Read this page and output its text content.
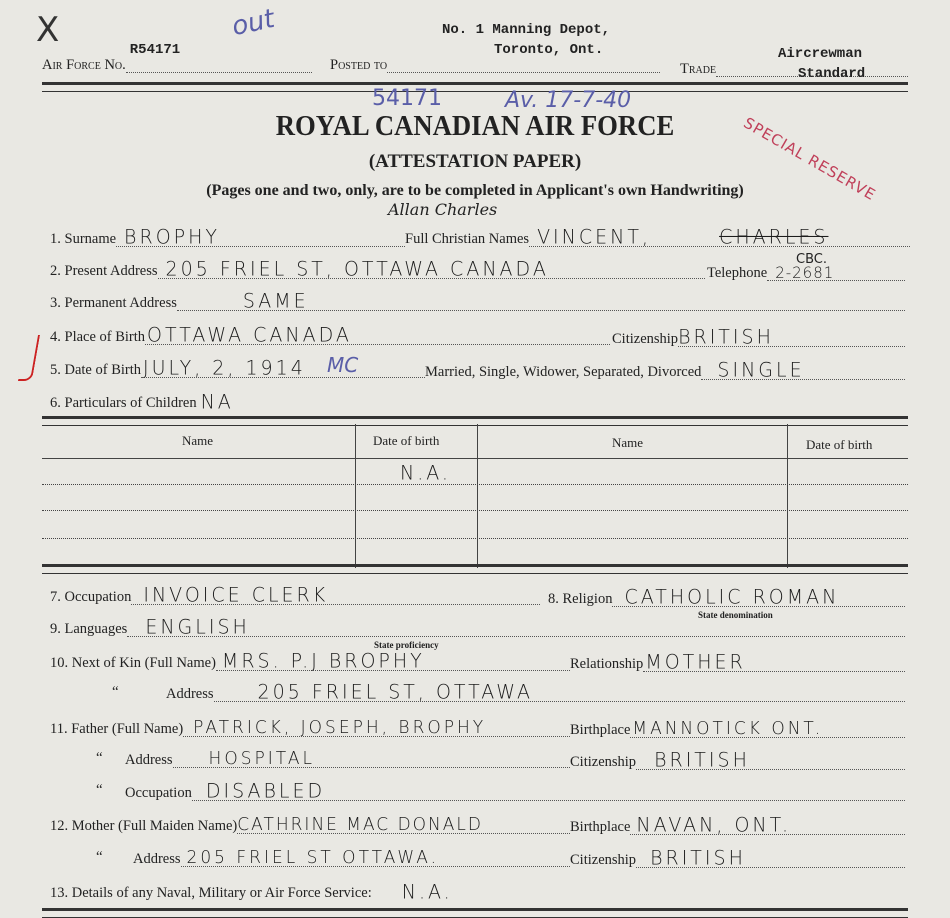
X	out
Air Force No.
R54171
Posted to
No. 1 Manning Depot,
Toronto, Ont.
Trade
Aircrewman
Standard
54171	Av. 17-7-40
ROYAL CANADIAN AIR FORCE
(ATTESTATION PAPER)
(Pages one and two, only, are to be completed in Applicant's own Handwriting)
SPECIAL RESERVE
1. Surname BROPHY	Full Christian Names VINCENT,	CHARLES
Allan Charles
2. Present Address 205 FRIEL ST, OTTAWA CANADA	Telephone 2-2681
CBC.
3. Permanent Address	SAME
4. Place of Birth OTTAWA CANADA	Citizenship BRITISH
5. Date of Birth JULY, 2, 1914 MC	Married, Single, Widower, Separated, Divorced SINGLE
6. Particulars of Children NA
Name	Date of birth	Name	Date of birth
N.A.
7. Occupation INVOICE CLERK	8. Religion CATHOLIC ROMAN
State denomination
9. Languages ENGLISH
State proficiency
10. Next of Kin (Full Name) MRS. P.J BROPHY	Relationship MOTHER
“	Address 205 FRIEL ST, OTTAWA
11. Father (Full Name) PATRICK, JOSEPH, BROPHY	Birthplace MANNOTICK ONT.
“ Address HOSPITAL	Citizenship BRITISH
“ Occupation DISABLED
12. Mother (Full Maiden Name) CATHRINE MAC DONALD	Birthplace NAVAN, ONT.
“ Address 205 FRIEL ST OTTAWA.	Citizenship BRITISH
13. Details of any Naval, Military or Air Force Service: N.A.
